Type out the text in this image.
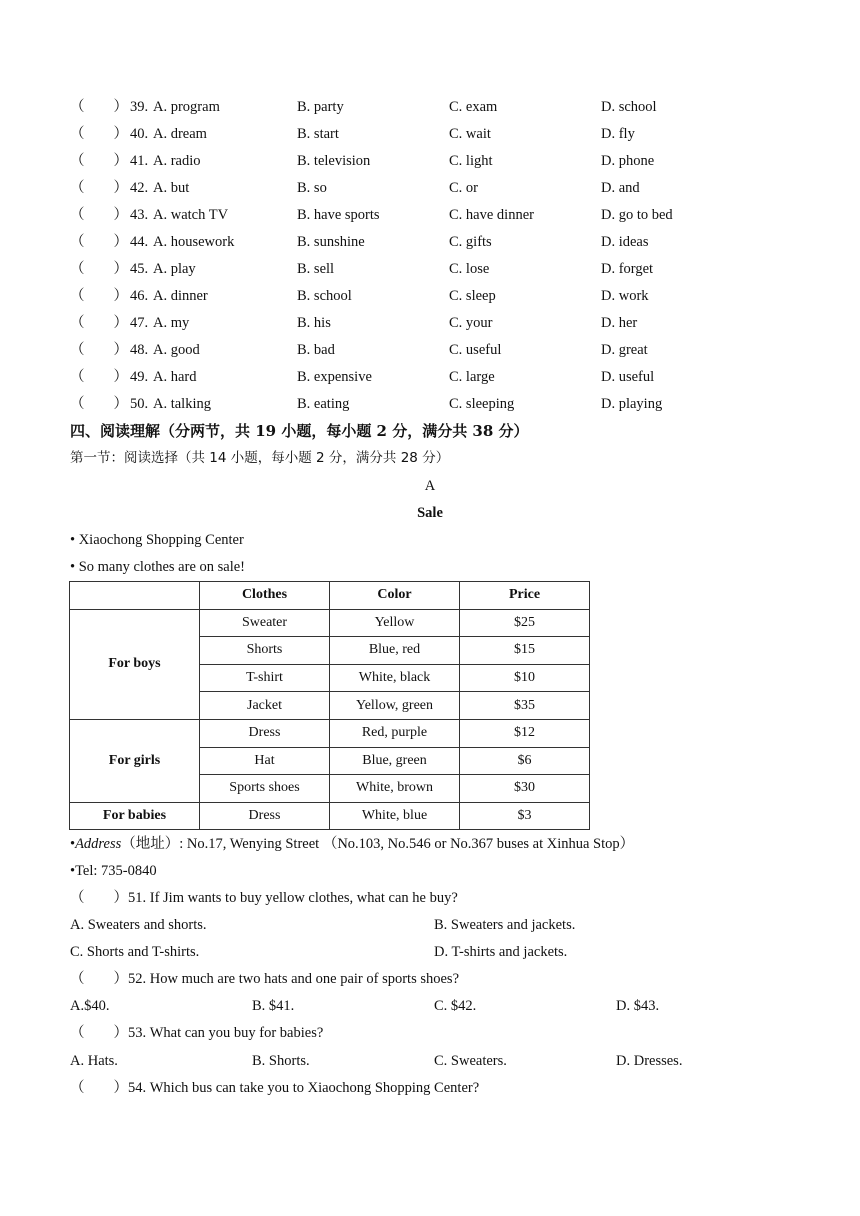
（　　） 39. A. program	B. party	C. exam	D. school
（　　） 40. A. dream	B. start	C. wait	D. fly
（　　） 41. A. radio	B. television	C. light	D. phone
（　　） 42. A. but	B. so	C. or	D. and
（　　） 43. A. watch TV	B. have sports	C. have dinner	D. go to bed
（　　） 44. A. housework	B. sunshine	C. gifts	D. ideas
（　　） 45. A. play	B. sell	C. lose	D. forget
（　　） 46. A. dinner	B. school	C. sleep	D. work
（　　） 47. A. my	B. his	C. your	D. her
（　　） 48. A. good	B. bad	C. useful	D. great
（　　） 49. A. hard	B. expensive	C. large	D. useful
（　　） 50. A. talking	B. eating	C. sleeping	D. playing
四、阅读理解（分两节，共 19 小题，每小题 2 分，满分共 38 分）
第一节：阅读选择（共 14 小题，每小题 2 分，满分共 28 分）
A
Sale
• Xiaochong Shopping Center
• So many clothes are on sale!
	Clothes	Color	Price
For boys	Sweater	Yellow	$25
	Shorts	Blue, red	$15
	T-shirt	White, black	$10
	Jacket	Yellow, green	$35
For girls	Dress	Red, purple	$12
	Hat	Blue, green	$6
	Sports shoes	White, brown	$30
For babies	Dress	White, blue	$3
•Address（地址）: No.17, Wenying Street （No.103, No.546 or No.367 buses at Xinhua Stop）
•Tel: 735-0840
（　　）51. If Jim wants to buy yellow clothes, what can he buy?
A. Sweaters and shorts.	B. Sweaters and jackets.
C. Shorts and T-shirts.	D. T-shirts and jackets.
（　　）52. How much are two hats and one pair of sports shoes?
A.$40.	B. $41.	C. $42.	D. $43.
（　　）53. What can you buy for babies?
A. Hats.	B. Shorts.	C. Sweaters.	D. Dresses.
（　　）54. Which bus can take you to Xiaochong Shopping Center?
